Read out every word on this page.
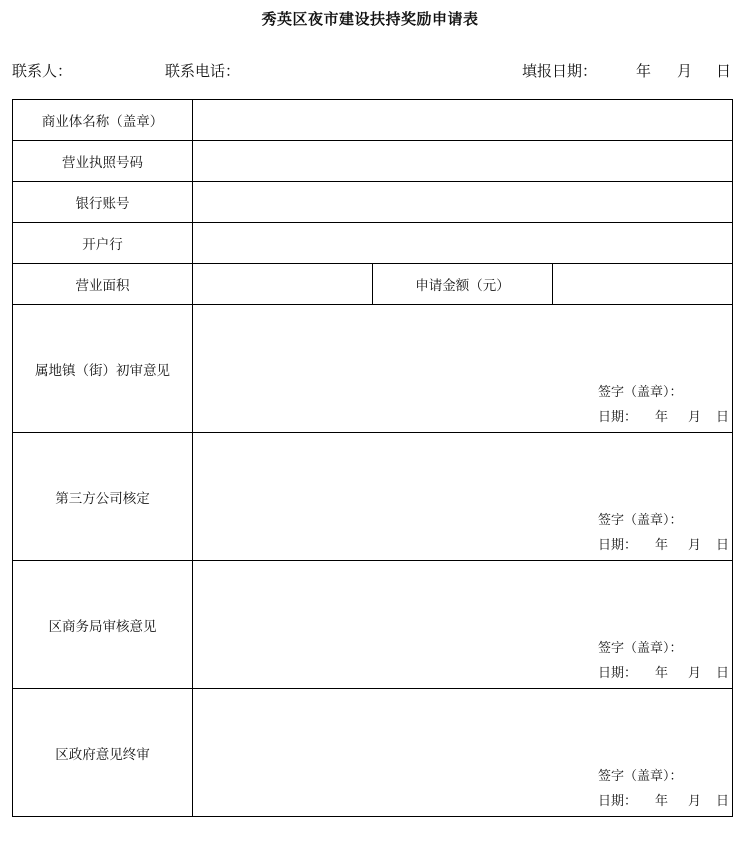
秀英区夜市建设扶持奖励申请表
联系人：	联系电话：	填报日期：	年 月 日
商业体名称（盖章）			
营业执照号码			
银行账号			
开户行			
营业面积		申请金额（元）	
属地镇（街）初审意见	签字（盖章）：
日期： 年 月 日		

第三方公司核定	签字（盖章）：
日期： 年 月 日		

区商务局审核意见	签字（盖章）：
日期： 年 月 日		

区政府意见终审	签字（盖章）：
日期： 年 月 日		
